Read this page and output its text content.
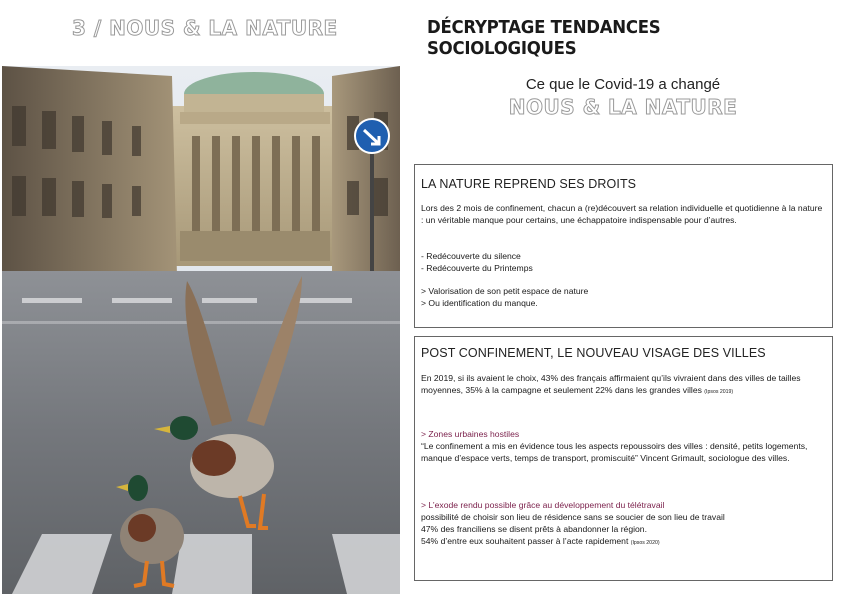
3 / NOUS & LA NATURE	DÉCRYPTAGE TENDANCES SOCIOLOGIQUES
Ce que le Covid-19 a changé
NOUS & LA NATURE
LA NATURE REPREND SES DROITS
Lors des 2 mois de confinement, chacun a (re)découvert sa relation individuelle et quotidienne à la nature : un véritable manque pour certains, une échappatoire indispensable pour d’autres.
- Redécouverte du silence
- Redécouverte du Printemps
> Valorisation de son petit espace de nature
> Ou identification du manque.
POST CONFINEMENT, LE NOUVEAU VISAGE DES VILLES
En 2019, si ils avaient le choix, 43% des français affirmaient qu’ils vivraient dans des villes de tailles moyennes, 35% à la campagne et seulement 22% dans les grandes villes (Ipsos 2019)
> Zones urbaines hostiles
“Le confinement a mis en évidence tous les aspects repoussoirs des villes : densité, petits logements, manque d’espace verts, temps de transport, promiscuité” Vincent Grimault, sociologue des villes.
> L’exode rendu possible grâce au développement du télétravail
possibilité de choisir son lieu de résidence sans se soucier de son lieu de travail
47% des franciliens se disent prêts à abandonner la région.
54% d’entre eux souhaitent passer à l’acte rapidement (Ipsos 2020)
